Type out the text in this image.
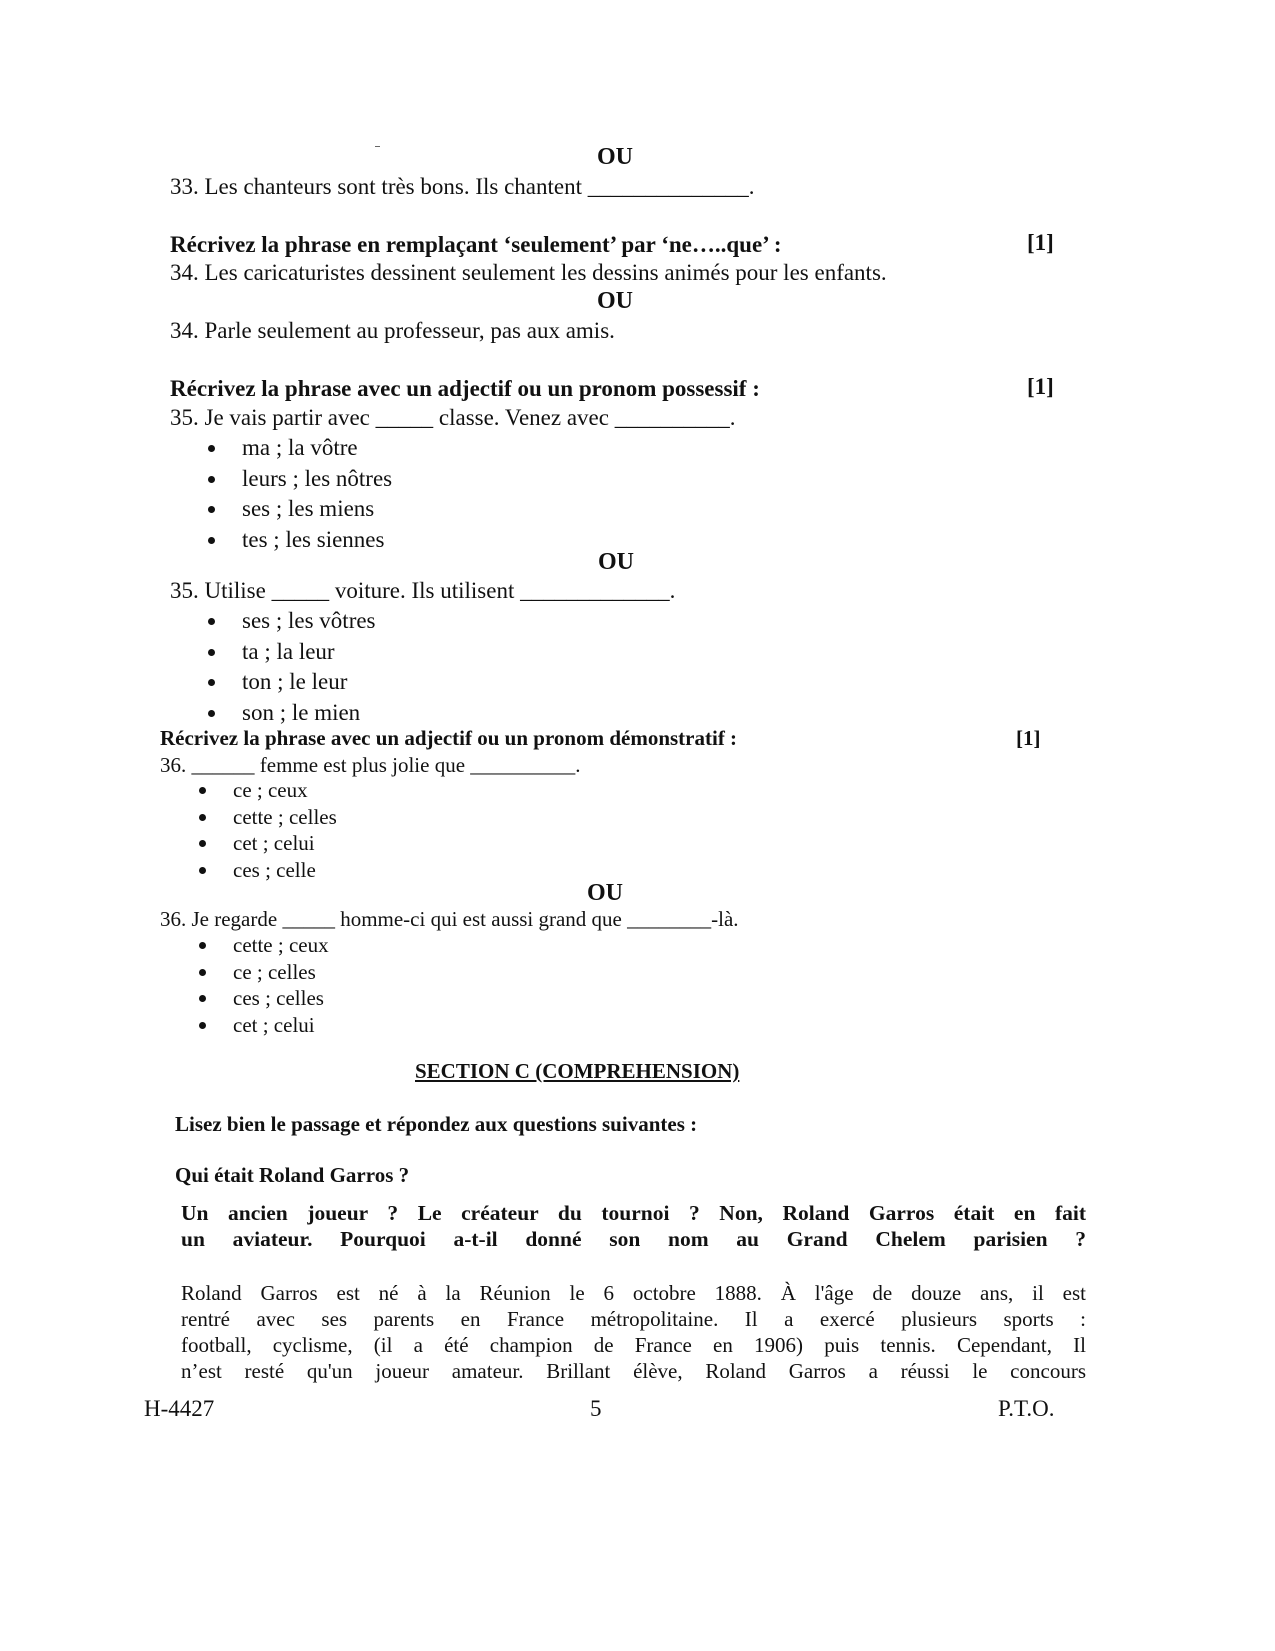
OU
33. Les chanteurs sont très bons. Ils chantent ______________.
Récrivez la phrase en remplaçant ‘seulement’ par ‘ne…..que’ :	[1]
34. Les caricaturistes dessinent seulement les dessins animés pour les enfants.
OU
34. Parle seulement au professeur, pas aux amis.
Récrivez la phrase avec un adjectif ou un pronom possessif :	[1]
35. Je vais partir avec _____ classe. Venez avec __________.
ma ; la vôtre
leurs ; les nôtres
ses ; les miens
tes ; les siennes
OU
35. Utilise _____ voiture. Ils utilisent _____________.
ses ; les vôtres
ta ; la leur
ton ; le leur
son ; le mien
Récrivez la phrase avec un adjectif ou un pronom démonstratif :	[1]
36. ______ femme est plus jolie que __________.
ce ; ceux
cette ; celles
cet ; celui
ces ; celle
OU
36. Je regarde _____ homme-ci qui est aussi grand que ________-là.
cette ; ceux
ce ; celles
ces ; celles
cet ; celui
SECTION C (COMPREHENSION)
Lisez bien le passage et répondez aux questions suivantes :
Qui était Roland Garros ?

Un ancien joueur ? Le créateur du tournoi ? Non, Roland Garros était en fait

un aviateur. Pourquoi a-t-il donné son nom au Grand Chelem parisien ?

Roland Garros est né à la Réunion le 6 octobre 1888. À l'âge de douze ans, il est

rentré avec ses parents en France métropolitaine. Il a exercé plusieurs sports :

football, cyclisme, (il a été champion de France en 1906) puis tennis. Cependant, Il

n’est resté qu'un joueur amateur. Brillant élève, Roland Garros a réussi le concours

H-4427	5	P.T.O.
